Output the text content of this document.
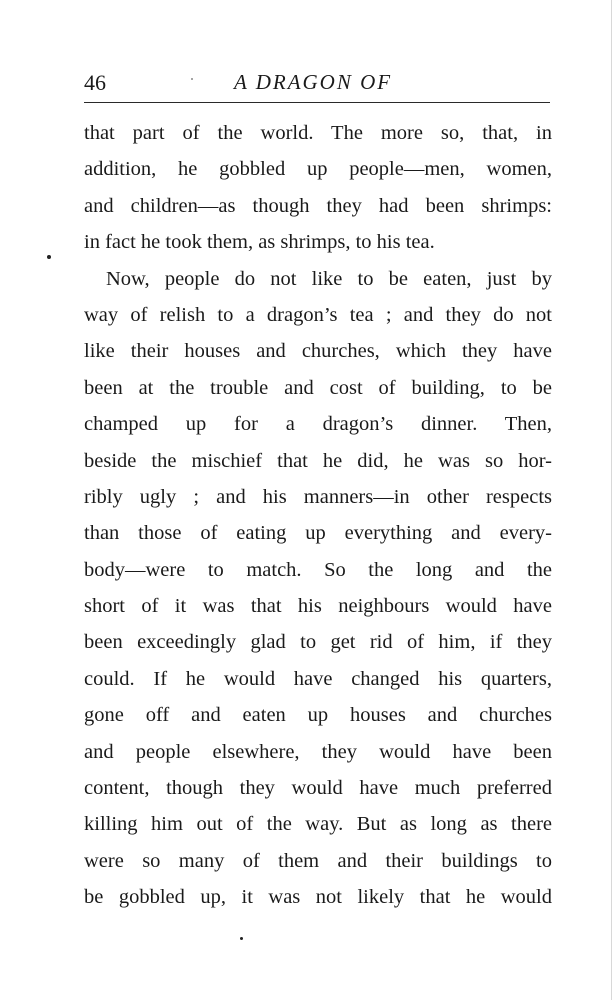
46	A DRAGON OF
that part of the world. The more so, that, in
addition, he gobbled up people—men, women,
and children—as though they had been shrimps:
in fact he took them, as shrimps, to his tea.
Now, people do not like to be eaten, just by
way of relish to a dragon’s tea ; and they do not
like their houses and churches, which they have
been at the trouble and cost of building, to be
champed up for a dragon’s dinner. Then,
beside the mischief that he did, he was so hor-
ribly ugly ; and his manners—in other respects
than those of eating up everything and every-
body—were to match. So the long and the
short of it was that his neighbours would have
been exceedingly glad to get rid of him, if they
could. If he would have changed his quarters,
gone off and eaten up houses and churches
and people elsewhere, they would have been
content, though they would have much preferred
killing him out of the way. But as long as there
were so many of them and their buildings to
be gobbled up, it was not likely that he would
